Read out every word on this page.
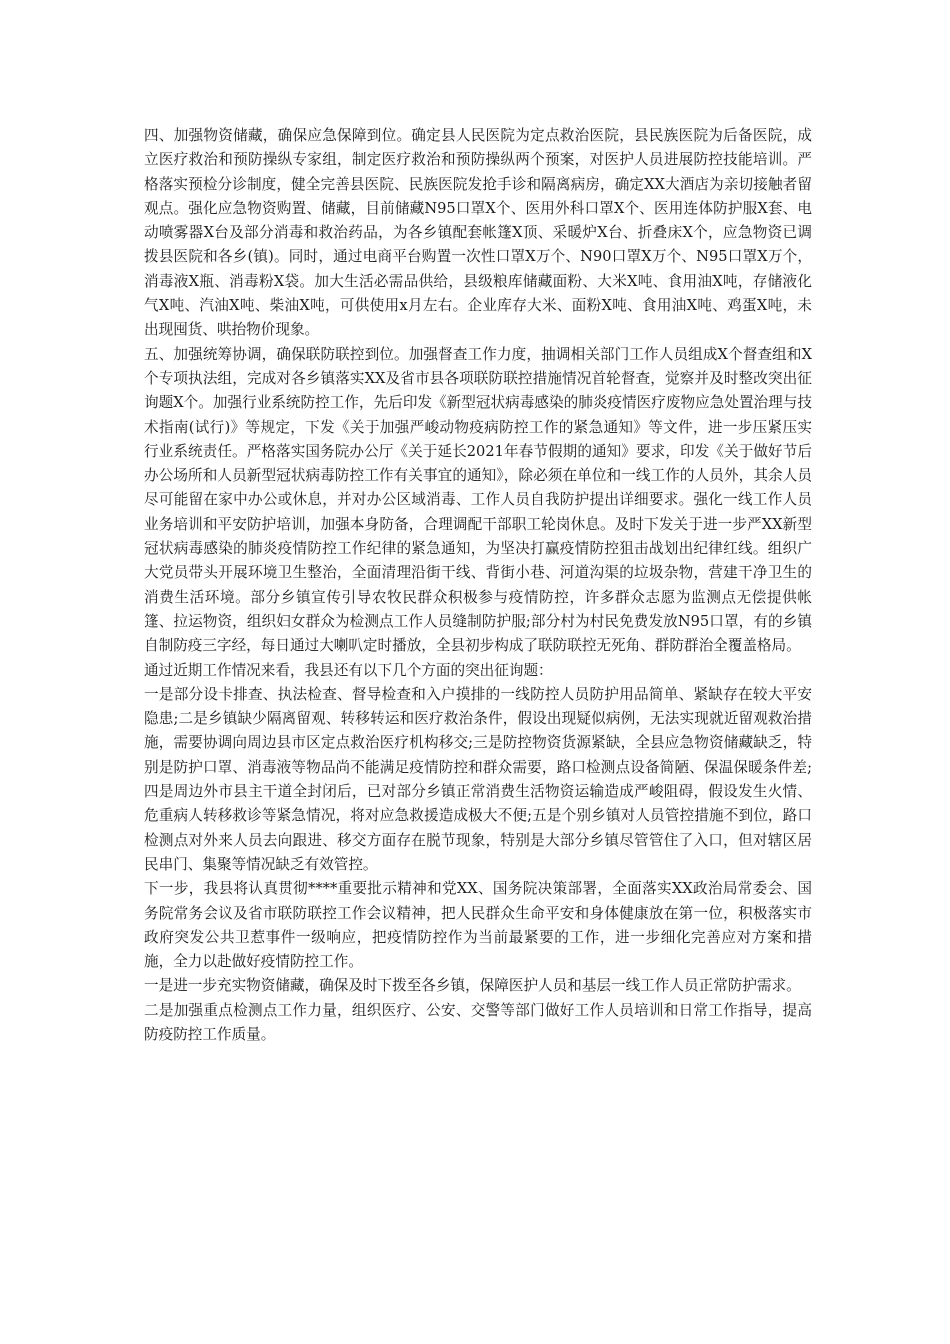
四、加强物资储藏，确保应急保障到位。确定县人民医院为定点救治医院，县民族医院为后备医院，成立医疗救治和预防操纵专家组，制定医疗救治和预防操纵两个预案，对医护人员进展防控技能培训。严格落实预检分诊制度，健全完善县医院、民族医院发抢手诊和隔离病房，确定XX大酒店为亲切接触者留观点。强化应急物资购置、储藏，目前储藏N95口罩X个、医用外科口罩X个、医用连体防护服X套、电动喷雾器X台及部分消毒和救治药品，为各乡镇配套帐篷X顶、采暖炉X台、折叠床X个，应急物资已调拨县医院和各乡(镇)。同时，通过电商平台购置一次性口罩X万个、N90口罩X万个、N95口罩X万个，消毒液X瓶、消毒粉X袋。加大生活必需品供给，县级粮库储藏面粉、大米X吨、食用油X吨，存储液化气X吨、汽油X吨、柴油X吨，可供使用x月左右。企业库存大米、面粉X吨、食用油X吨、鸡蛋X吨，未出现囤货、哄抬物价现象。

五、加强统筹协调，确保联防联控到位。加强督查工作力度，抽调相关部门工作人员组成X个督查组和X个专项执法组，完成对各乡镇落实XX及省市县各项联防联控措施情况首轮督查，觉察并及时整改突出征询题X个。加强行业系统防控工作，先后印发《新型冠状病毒感染的肺炎疫情医疗废物应急处置治理与技术指南(试行)》等规定，下发《关于加强严峻动物疫病防控工作的紧急通知》等文件，进一步压紧压实行业系统责任。严格落实国务院办公厅《关于延长2021年春节假期的通知》要求，印发《关于做好节后办公场所和人员新型冠状病毒防控工作有关事宜的通知》，除必须在单位和一线工作的人员外，其余人员尽可能留在家中办公或休息，并对办公区域消毒、工作人员自我防护提出详细要求。强化一线工作人员业务培训和平安防护培训，加强本身防备，合理调配干部职工轮岗休息。及时下发关于进一步严XX新型冠状病毒感染的肺炎疫情防控工作纪律的紧急通知，为坚决打赢疫情防控狙击战划出纪律红线。组织广大党员带头开展环境卫生整治，全面清理沿街干线、背街小巷、河道沟渠的垃圾杂物，营建干净卫生的消费生活环境。部分乡镇宣传引导农牧民群众积极参与疫情防控，许多群众志愿为监测点无偿提供帐篷、拉运物资，组织妇女群众为检测点工作人员缝制防护服;部分村为村民免费发放N95口罩，有的乡镇自制防疫三字经，每日通过大喇叭定时播放，全县初步构成了联防联控无死角、群防群治全覆盖格局。

通过近期工作情况来看，我县还有以下几个方面的突出征询题：

一是部分设卡排查、执法检查、督导检查和入户摸排的一线防控人员防护用品简单、紧缺存在较大平安隐患;二是乡镇缺少隔离留观、转移转运和医疗救治条件，假设出现疑似病例，无法实现就近留观救治措施，需要协调向周边县市区定点救治医疗机构移交;三是防控物资货源紧缺，全县应急物资储藏缺乏，特别是防护口罩、消毒液等物品尚不能满足疫情防控和群众需要，路口检测点设备简陋、保温保暖条件差;四是周边外市县主干道全封闭后，已对部分乡镇正常消费生活物资运输造成严峻阻碍，假设发生火情、危重病人转移救诊等紧急情况，将对应急救援造成极大不便;五是个别乡镇对人员管控措施不到位，路口检测点对外来人员去向跟进、移交方面存在脱节现象，特别是大部分乡镇尽管管住了入口，但对辖区居民串门、集聚等情况缺乏有效管控。

下一步，我县将认真贯彻****重要批示精神和党XX、国务院决策部署，全面落实XX政治局常委会、国务院常务会议及省市联防联控工作会议精神，把人民群众生命平安和身体健康放在第一位，积极落实市政府突发公共卫惹事件一级响应，把疫情防控作为当前最紧要的工作，进一步细化完善应对方案和措施，全力以赴做好疫情防控工作。

一是进一步充实物资储藏，确保及时下拨至各乡镇，保障医护人员和基层一线工作人员正常防护需求。

二是加强重点检测点工作力量，组织医疗、公安、交警等部门做好工作人员培训和日常工作指导，提高防疫防控工作质量。
